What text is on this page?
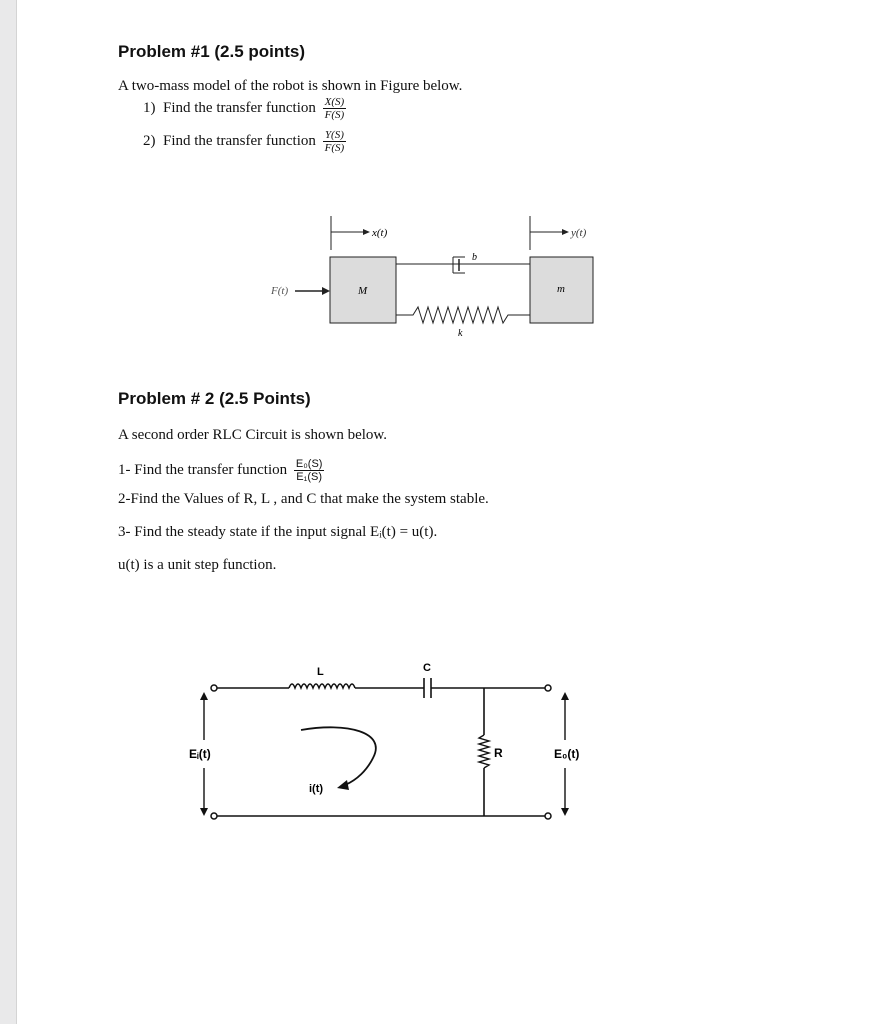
Problem #1 (2.5 points)
A two-mass model of the robot is shown in Figure below.
1) Find the transfer function $\frac{X(S)}{F(S)}$
2) Find the transfer function $\frac{Y(S)}{F(S)}$
x(t)	y(t)
F(t)	M	m
b
k
Problem # 2 (2.5 Points)
A second order RLC Circuit is shown below.
1- Find the transfer function $\frac{\text{E₀(S)}}{\text{E₁(S)}}$
2-Find the Values of R, L , and C that make the system stable.
3- Find the steady state if the input signal Eᵢ(t) = u(t).
u(t) is a unit step function.
L	C
R
Eᵢ(t)	E₀(t)
i(t)
